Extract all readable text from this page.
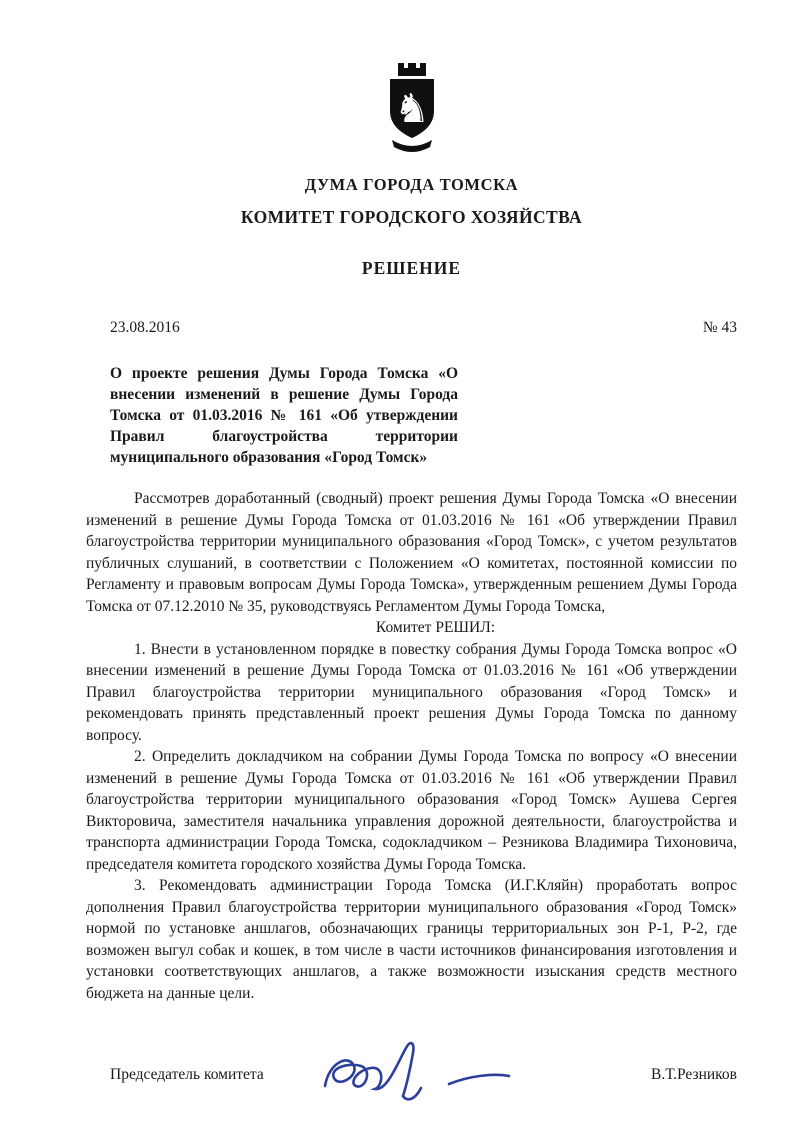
♞
ДУМА ГОРОДА ТОМСКА
КОМИТЕТ ГОРОДСКОГО ХОЗЯЙСТВА
РЕШЕНИЕ
23.08.2016	№ 43
О проекте решения Думы Города Томска «О внесении изменений в решение Думы Города Томска от 01.03.2016 № 161 «Об утверждении Правил благоустройства территории муниципального образования «Город Томск»

Рассмотрев доработанный (сводный) проект решения Думы Города Томска «О внесении изменений в решение Думы Города Томска от 01.03.2016 № 161 «Об утверждении Правил благоустройства территории муниципального образования «Город Томск», с учетом результатов публичных слушаний, в соответствии с Положением «О комитетах, постоянной комиссии по Регламенту и правовым вопросам Думы Города Томска», утвержденным решением Думы Города Томска от 07.12.2010 № 35, руководствуясь Регламентом Думы Города Томска,

Комитет РЕШИЛ:

1. Внести в установленном порядке в повестку собрания Думы Города Томска вопрос «О внесении изменений в решение Думы Города Томска от 01.03.2016 № 161 «Об утверждении Правил благоустройства территории муниципального образования «Город Томск» и рекомендовать принять представленный проект решения Думы Города Томска по данному вопросу.

2. Определить докладчиком на собрании Думы Города Томска по вопросу «О внесении изменений в решение Думы Города Томска от 01.03.2016 № 161 «Об утверждении Правил благоустройства территории муниципального образования «Город Томск» Аушева Сергея Викторовича, заместителя начальника управления дорожной деятельности, благоустройства и транспорта администрации Города Томска, содокладчиком – Резникова Владимира Тихоновича, председателя комитета городского хозяйства Думы Города Томска.

3. Рекомендовать администрации Города Томска (И.Г.Кляйн) проработать вопрос дополнения Правил благоустройства территории муниципального образования «Город Томск» нормой по установке аншлагов, обозначающих границы территориальных зон Р-1, Р-2, где возможен выгул собак и кошек, в том числе в части источников финансирования изготовления и установки соответствующих аншлагов, а также возможности изыскания средств местного бюджета на данные цели.

Председатель комитета	В.Т.Резников
